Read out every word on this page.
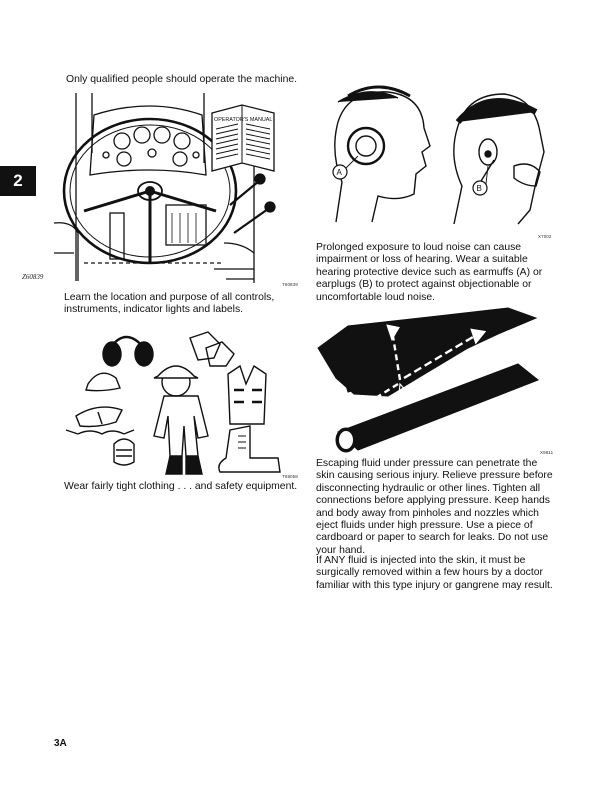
2
Only qualified people should operate the machine.
OPERATOR'S MANUAL
Z60839
T60839
Learn the location and purpose of all controls, instruments, indicator lights and labels.
T69058
Wear fairly tight clothing . . . and safety equipment.
A
B
X7002
Prolonged exposure to loud noise can cause impairment or loss of hearing. Wear a suitable hearing protective device such as earmuffs (A) or earplugs (B) to protect against objectionable or uncomfortable loud noise.
X9811
Escaping fluid under pressure can penetrate the skin causing serious injury. Relieve pressure before disconnecting hydraulic or other lines. Tighten all connections before applying pressure. Keep hands and body away from pinholes and nozzles which eject fluids under high pressure. Use a piece of cardboard or paper to search for leaks. Do not use your hand.
If ANY fluid is injected into the skin, it must be surgically removed within a few hours by a doctor familiar with this type injury or gangrene may result.
3A
